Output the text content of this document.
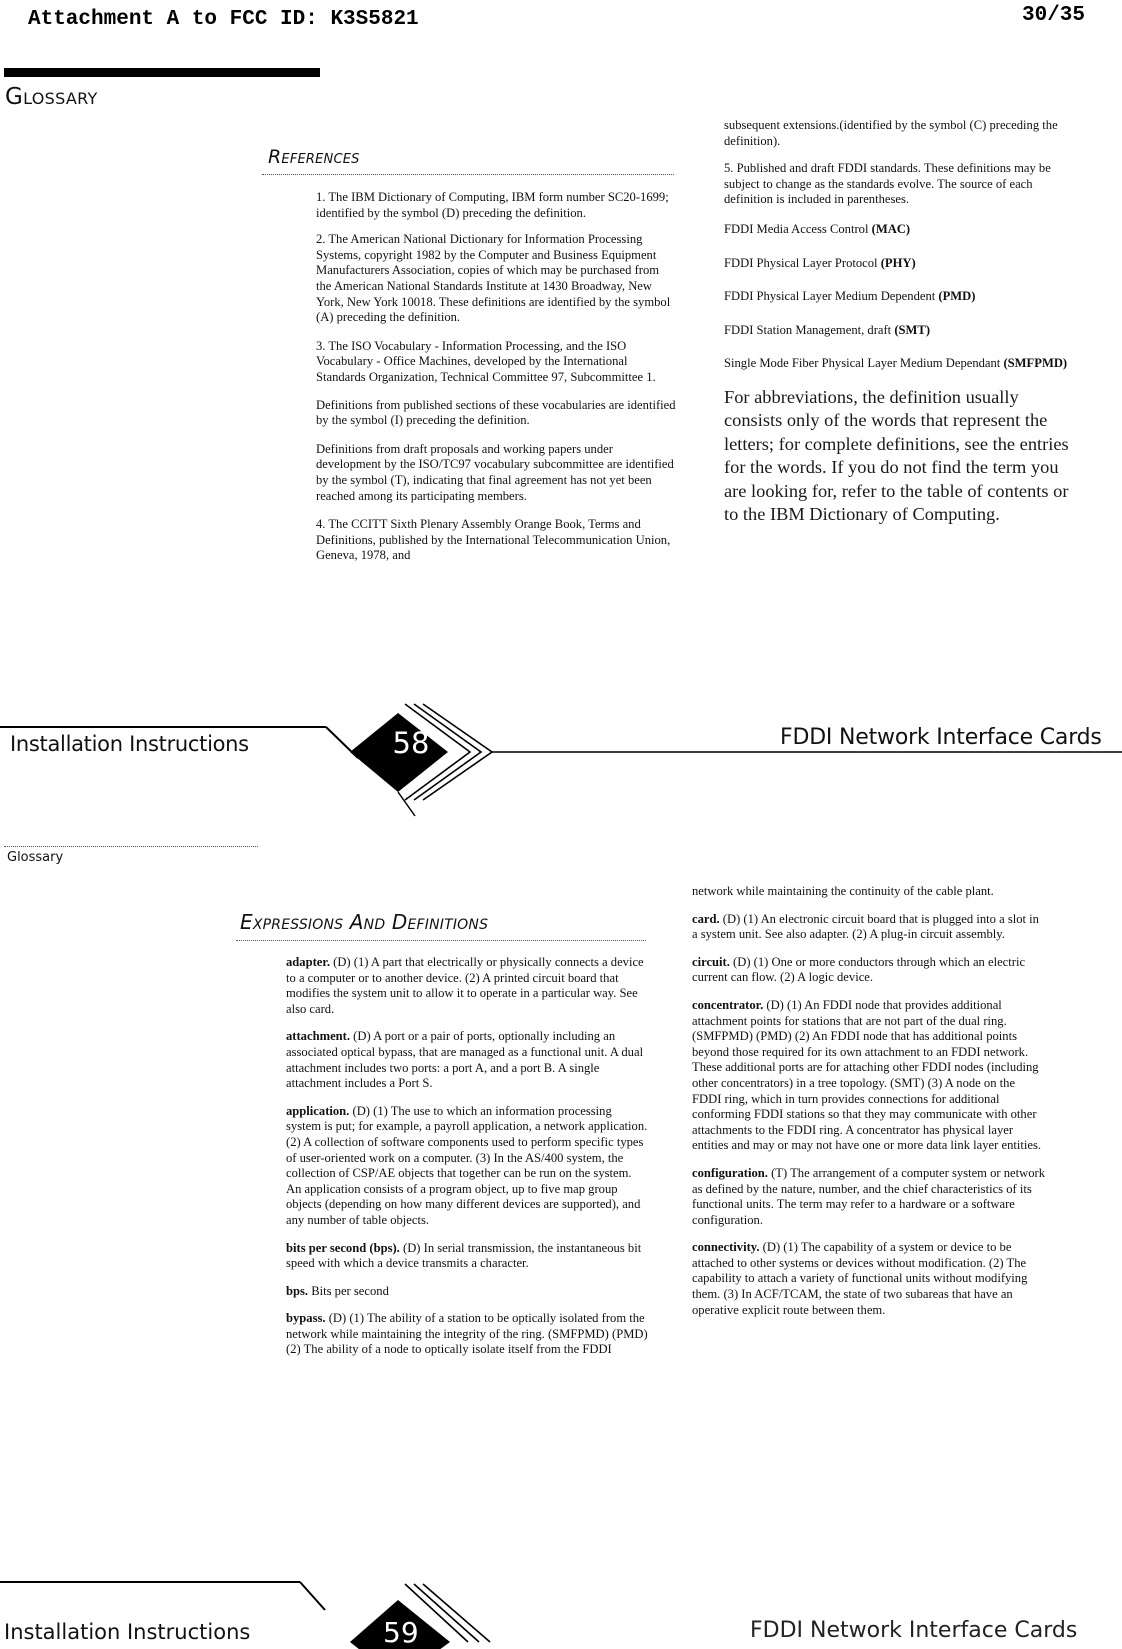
Attachment A to FCC ID: K3S5821	30/35
Glossary
References

1. The IBM Dictionary of Computing, IBM form number SC20-1699; identified by the symbol (D) preceding the definition.

2. The American National Dictionary for Information Processing Systems, copyright 1982 by the Computer and Business Equipment Manufacturers Association, copies of which may be purchased from the American National Standards Institute at 1430 Broadway, New York, New York 10018. These definitions are identified by the symbol (A) preceding the definition.

3. The ISO Vocabulary - Information Processing, and the ISO Vocabulary - Office Machines, developed by the International Standards Organization, Technical Committee 97, Subcommittee 1.

Definitions from published sections of these vocabularies are identified by the symbol (I) preceding the definition.

Definitions from draft proposals and working papers under development by the ISO/TC97 vocabulary subcommittee are identified by the symbol (T), indicating that final agreement has not yet been reached among its participating members.

4. The CCITT Sixth Plenary Assembly Orange Book, Terms and Definitions, published by the International Telecommunication Union, Geneva, 1978, and

subsequent extensions.(identified by the symbol (C) preceding the definition).

5. Published and draft FDDI standards. These definitions may be subject to change as the standards evolve. The source of each definition is included in parentheses.

FDDI Media Access Control (MAC)

FDDI Physical Layer Protocol (PHY)

FDDI Physical Layer Medium Dependent (PMD)

FDDI Station Management, draft (SMT)

Single Mode Fiber Physical Layer Medium Dependant (SMFPMD)

For abbreviations, the definition usually consists only of the words that represent the letters; for complete definitions, see the entries for the words. If you do not find the term you are looking for, refer to the table of contents or to the IBM Dictionary of Computing.

Installation Instructions	58	FDDI Network Interface Cards
Glossary
Expressions And Definitions

adapter. (D) (1) A part that electrically or physically connects a device to a computer or to another device. (2) A printed circuit board that modifies the system unit to allow it to operate in a particular way. See also card.

attachment. (D) A port or a pair of ports, optionally including an associated optical bypass, that are managed as a functional unit. A dual attachment includes two ports: a port A, and a port B. A single attachment includes a Port S.

application. (D) (1) The use to which an information processing system is put; for example, a payroll application, a network application. (2) A collection of software components used to perform specific types of user-oriented work on a computer. (3) In the AS/400 system, the collection of CSP/AE objects that together can be run on the system. An application consists of a program object, up to five map group objects (depending on how many different devices are supported), and any number of table objects.

bits per second (bps). (D) In serial transmission, the instantaneous bit speed with which a device transmits a character.

bps. Bits per second

bypass. (D) (1) The ability of a station to be optically isolated from the network while maintaining the integrity of the ring. (SMFPMD) (PMD) (2) The ability of a node to optically isolate itself from the FDDI

network while maintaining the continuity of the cable plant.

card. (D) (1) An electronic circuit board that is plugged into a slot in a system unit. See also adapter. (2) A plug-in circuit assembly.

circuit. (D) (1) One or more conductors through which an electric current can flow. (2) A logic device.

concentrator. (D) (1) An FDDI node that provides additional attachment points for stations that are not part of the dual ring. (SMFPMD) (PMD) (2) An FDDI node that has additional points beyond those required for its own attachment to an FDDI network. These additional ports are for attaching other FDDI nodes (including other concentrators) in a tree topology. (SMT) (3) A node on the FDDI ring, which in turn provides connections for additional conforming FDDI stations so that they may communicate with other attachments to the FDDI ring. A concentrator has physical layer entities and may or may not have one or more data link layer entities.

configuration. (T) The arrangement of a computer system or network as defined by the nature, number, and the chief characteristics of its functional units. The term may refer to a hardware or a software configuration.

connectivity. (D) (1) The capability of a system or device to be attached to other systems or devices without modification. (2) The capability to attach a variety of functional units without modifying them. (3) In ACF/TCAM, the state of two subareas that have an operative explicit route between them.

Installation Instructions	59	FDDI Network Interface Cards
